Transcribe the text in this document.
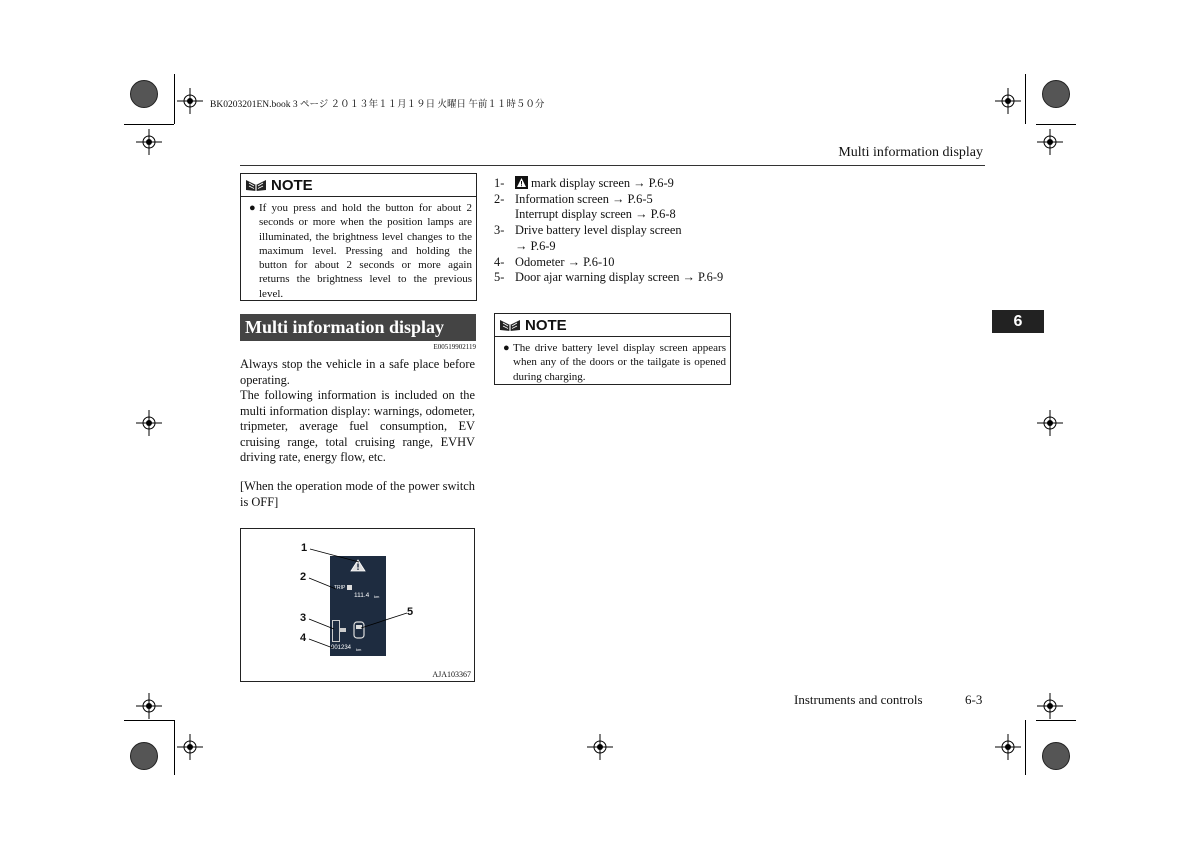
BK0203201EN.book 3 ページ ２０１３年１１月１９日 火曜日 午前１１時５０分
Multi information display
6
NOTE
● If you press and hold the button for about 2 seconds or more when the position lamps are illuminated, the brightness level changes to the maximum level. Pressing and holding the button for about 2 seconds or more again returns the brightness level to the previous level.
Multi information display
E00519902119
Always stop the vehicle in a safe place before operating.
The following information is included on the multi information display: warnings, odometer, tripmeter, average fuel consumption, EV cruising range, total cruising range, EVHV driving rate, energy flow, etc.
[When the operation mode of the power switch is OFF]
TRIP
111.4 km
001234 km
1
2
3
4
5
AJA103367
1-	mark display screen → P.6-9
2- Information screen → P.6-5
Interrupt display screen → P.6-8
3- Drive battery level display screen
→ P.6-9
4- Odometer → P.6-10
5- Door ajar warning display screen → P.6-9
NOTE
● The drive battery level display screen appears when any of the doors or the tailgate is opened during charging.
Instruments and controls	6-3
